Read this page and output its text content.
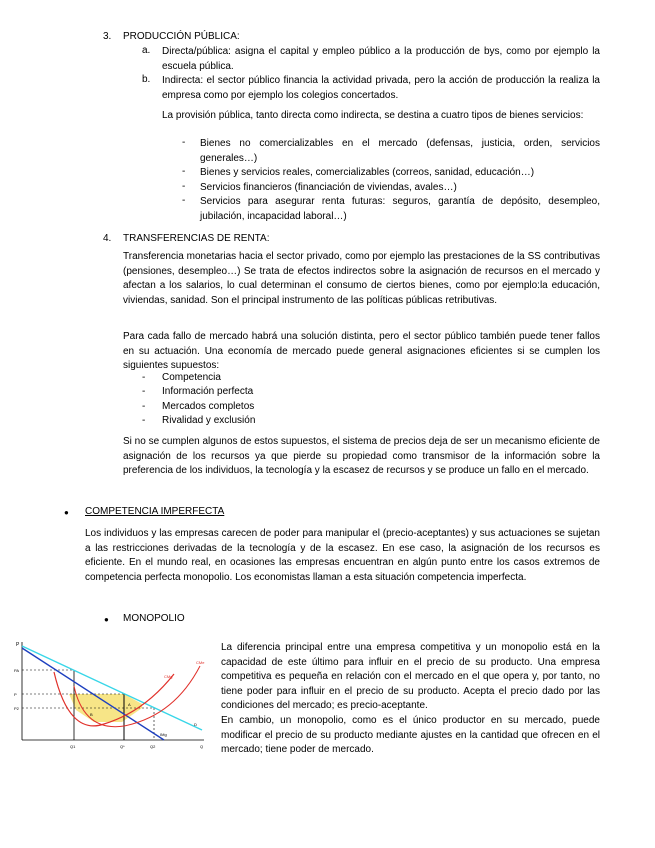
3. PRODUCCIÓN PÚBLICA:
a. Directa/pública: asigna el capital y empleo público a la producción de bys, como por ejemplo la escuela pública.

b. Indirecta: el sector público financia la actividad privada, pero la acción de producción la realiza la empresa como por ejemplo los colegios concertados.

La provisión pública, tanto directa como indirecta, se destina a cuatro tipos de bienes servicios:

- Bienes no comercializables en el mercado (defensas, justicia, orden, servicios generales…)

- Bienes y servicios reales, comercializables (correos, sanidad, educación…)

- Servicios financieros (financiación de viviendas, avales…)

- Servicios para asegurar renta futuras: seguros, garantía de depósito, desempleo, jubilación, incapacidad laboral…)

4. TRANSFERENCIAS DE RENTA:

Transferencia monetarias hacia el sector privado, como por ejemplo las prestaciones de la SS contributivas (pensiones, desempleo…) Se trata de efectos indirectos sobre la asignación de recursos en el mercado y afectan a los salarios, lo cual determinan el consumo de ciertos bienes, como por ejemplo:la educación, viviendas, sanidad. Son el principal instrumento de las políticas públicas retributivas.

Para cada fallo de mercado habrá una solución distinta, pero el sector público también puede tener fallos en su actuación. Una economía de mercado puede general asignaciones eficientes si se cumplen los siguientes supuestos:

- Competencia
- Información perfecta
- Mercados completos
- Rivalidad y exclusión

Si no se cumplen algunos de estos supuestos, el sistema de precios deja de ser un mecanismo eficiente de asignación de los recursos ya que pierde su propiedad como transmisor de la información sobre la preferencia de los individuos, la tecnología y la escasez de recursos y se produce un fallo en el mercado.

● COMPETENCIA IMPERFECTA

Los individuos y las empresas carecen de poder para manipular el (precio-aceptantes) y sus actuaciones se sujetan a las restricciones derivadas de la tecnología y de la escasez. En ese caso, la asignación de los recursos es eficiente. En el mundo real, en ocasiones las empresas encuentran en algún punto entre los casos extremos de competencia perfecta monopolio. Los economistas llaman a esta situación competencia imperfecta.

● MONOPOLIO
P
PA
P
P2
Q1	Q*	Q2	Q
CMg
CMe
D
IMg
B
A

La diferencia principal entre una empresa competitiva y un monopolio está en la capacidad de este último para influir en el precio de su producto. Una empresa competitiva es pequeña en relación con el mercado en el que opera y, por tanto, no tiene poder para influir en el precio de su producto. Acepta el precio dado por las condiciones del mercado; es precio-aceptante.

En cambio, un monopolio, como es el único productor en su mercado, puede modificar el precio de su producto mediante ajustes en la cantidad que ofrecen en el mercado; tiene poder de mercado.
